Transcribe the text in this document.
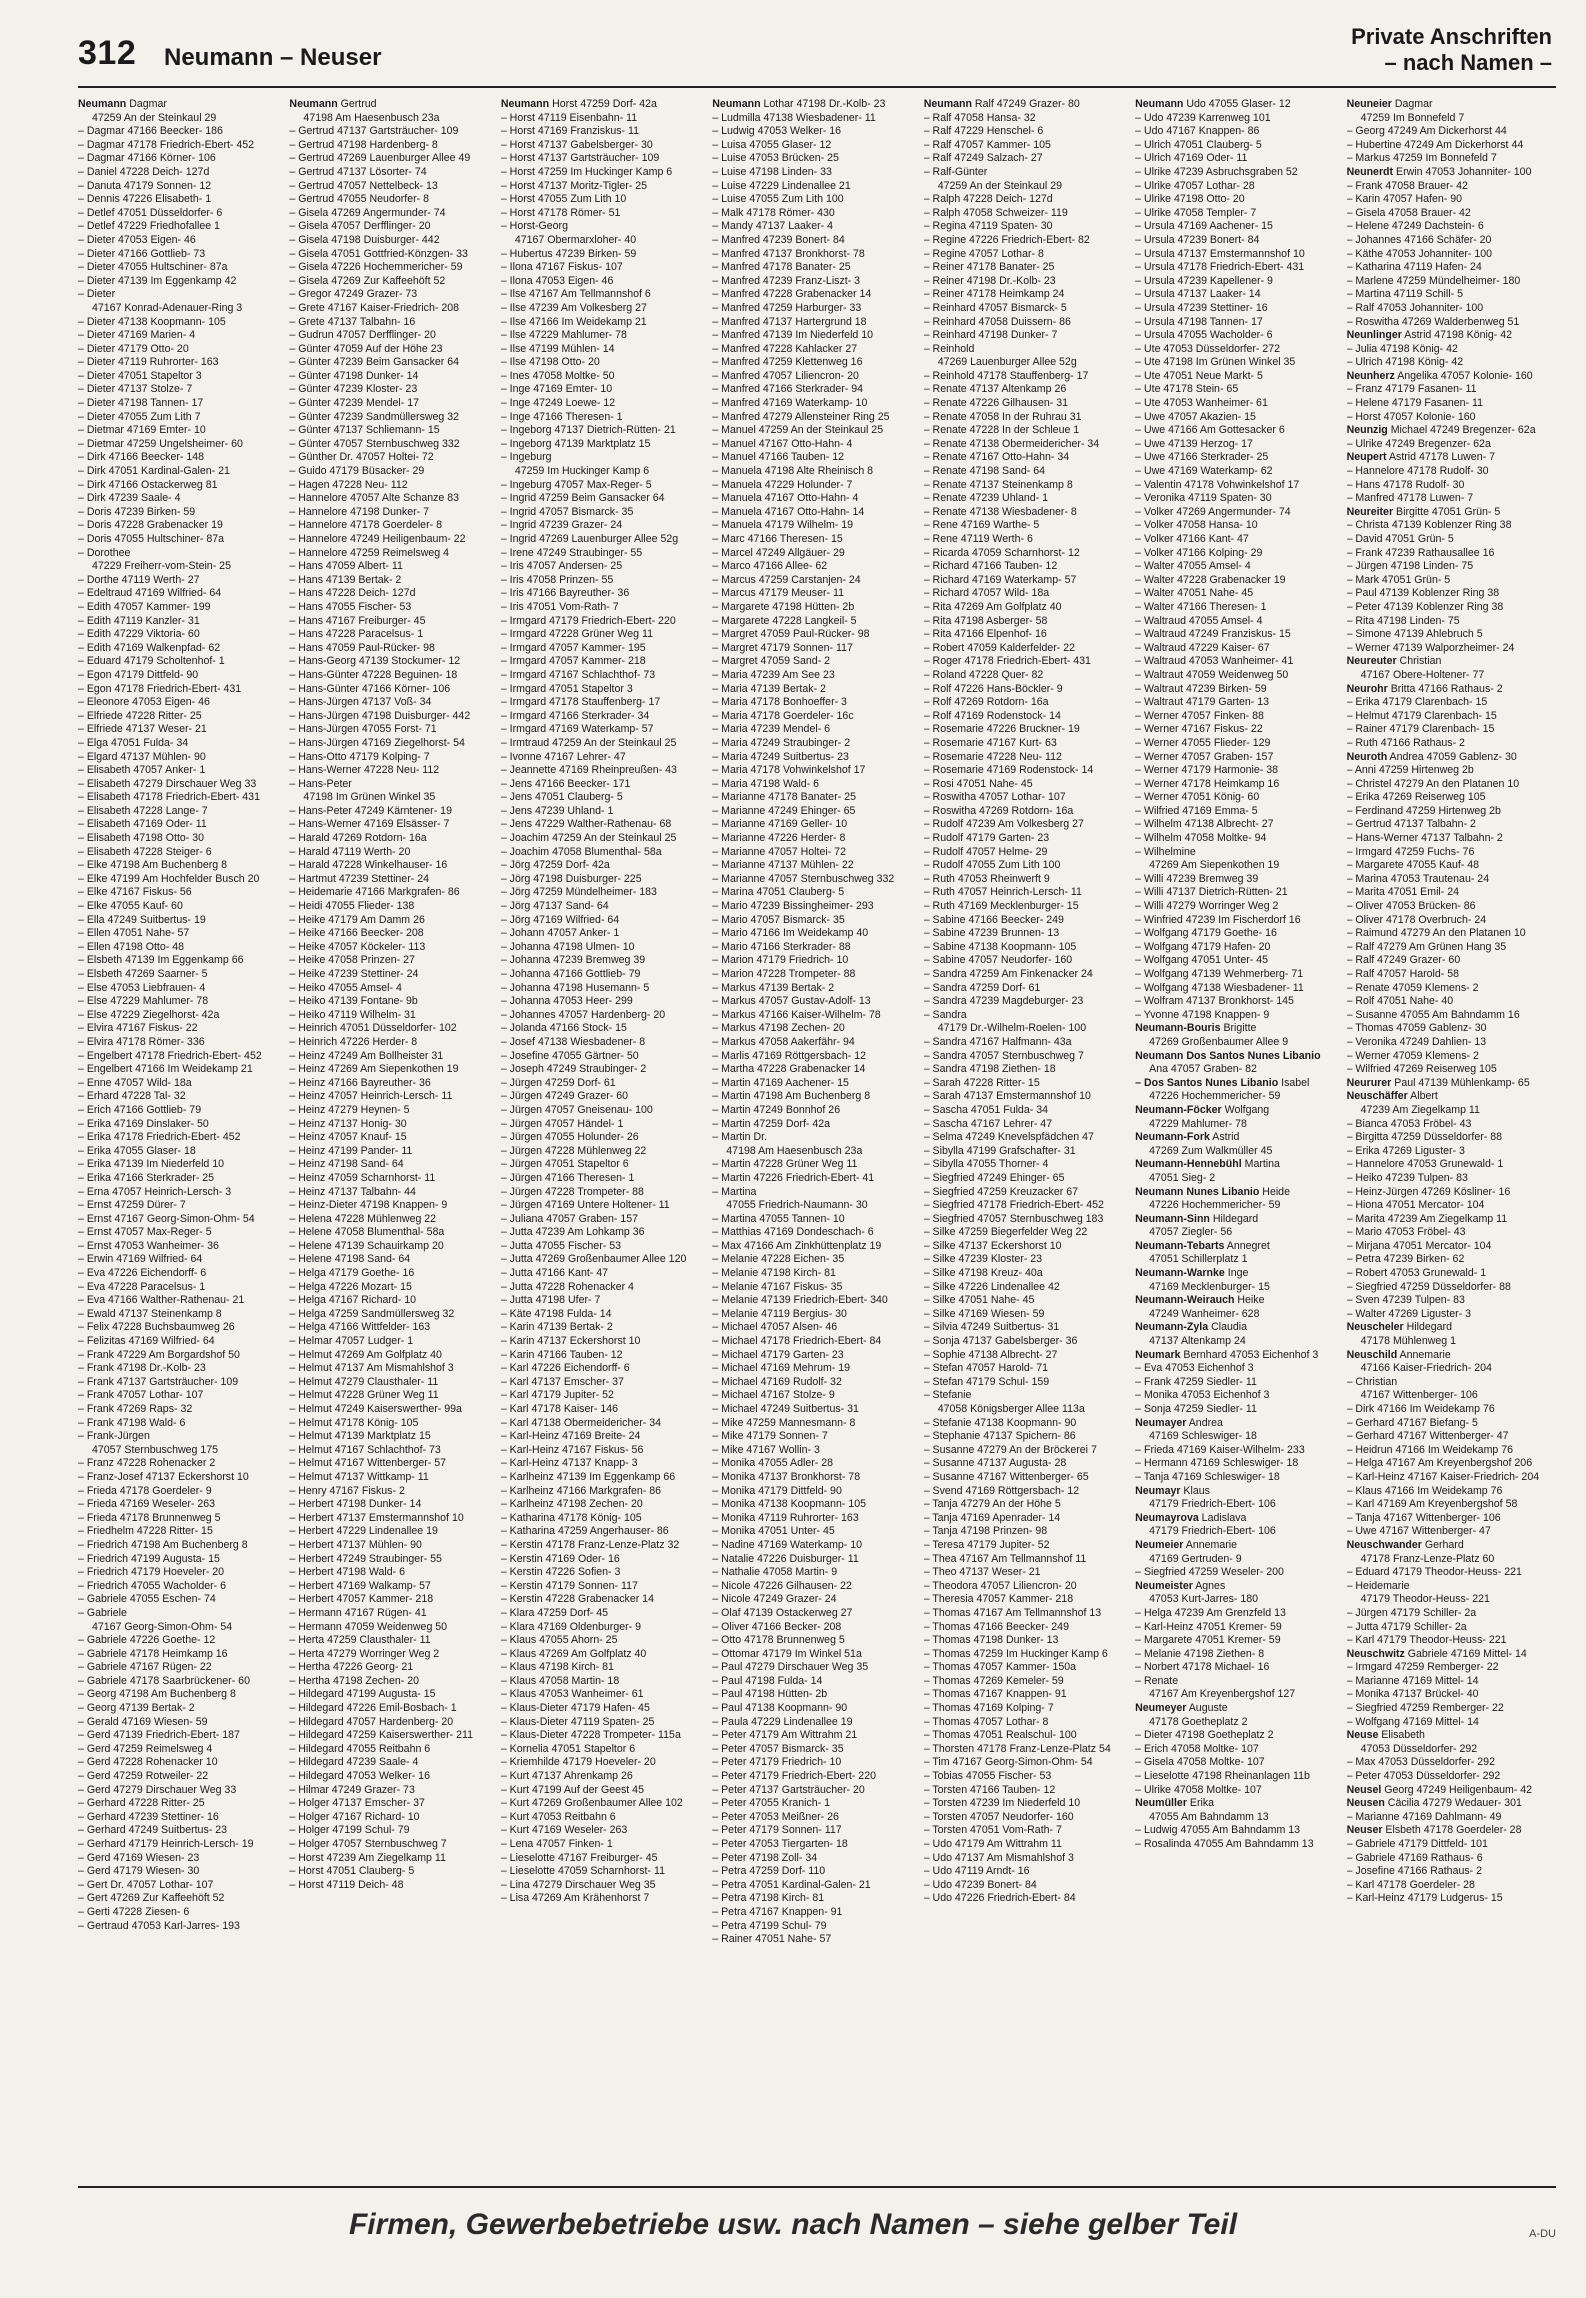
312 Neumann – Neuser
Private Anschriften
– nach Namen –
Neumann Dagmar
47259 An der Steinkaul 29
– Dagmar 47166 Beecker- 186
– Dagmar 47178 Friedrich-Ebert- 452
– Dagmar 47166 Körner- 106
– Daniel 47228 Deich- 127d
– Danuta 47179 Sonnen- 12
– Dennis 47226 Elisabeth- 1
– Detlef 47051 Düsseldorfer- 6
– Detlef 47229 Friedhofallee 1
– Dieter 47053 Eigen- 46
– Dieter 47166 Gottlieb- 73
– Dieter 47055 Hultschiner- 87a
– Dieter 47139 Im Eggenkamp 42
– Dieter
47167 Konrad-Adenauer-Ring 3
– Dieter 47138 Koopmann- 105
– Dieter 47169 Marien- 4
– Dieter 47179 Otto- 20
– Dieter 47119 Ruhrorter- 163
– Dieter 47051 Stapeltor 3
– Dieter 47137 Stolze- 7
– Dieter 47198 Tannen- 17
– Dieter 47055 Zum Lith 7
– Dietmar 47169 Emter- 10
– Dietmar 47259 Ungelsheimer- 60
– Dirk 47166 Beecker- 148
– Dirk 47051 Kardinal-Galen- 21
– Dirk 47166 Ostackerweg 81
– Dirk 47239 Saale- 4
– Doris 47239 Birken- 59
– Doris 47228 Grabenacker 19
– Doris 47055 Hultschiner- 87a
– Dorothee
47229 Freiherr-vom-Stein- 25
– Dorthe 47119 Werth- 27
– Edeltraud 47169 Wilfried- 64
– Edith 47057 Kammer- 199
– Edith 47119 Kanzler- 31
– Edith 47229 Viktoria- 60
– Edith 47169 Walkenpfad- 62
– Eduard 47179 Scholtenhof- 1
– Egon 47179 Dittfeld- 90
– Egon 47178 Friedrich-Ebert- 431
– Eleonore 47053 Eigen- 46
– Elfriede 47228 Ritter- 25
– Elfriede 47137 Weser- 21
– Elga 47051 Fulda- 34
– Elgard 47137 Mühlen- 90
– Elisabeth 47057 Anker- 1
– Elisabeth 47279 Dirschauer Weg 33
– Elisabeth 47178 Friedrich-Ebert- 431
– Elisabeth 47228 Lange- 7
– Elisabeth 47169 Oder- 11
– Elisabeth 47198 Otto- 30
– Elisabeth 47228 Steiger- 6
– Elke 47198 Am Buchenberg 8
– Elke 47199 Am Hochfelder Busch 20
– Elke 47167 Fiskus- 56
– Elke 47055 Kauf- 60
– Ella 47249 Suitbertus- 19
– Ellen 47051 Nahe- 57
– Ellen 47198 Otto- 48
– Elsbeth 47139 Im Eggenkamp 66
– Elsbeth 47269 Saarner- 5
– Else 47053 Liebfrauen- 4
– Else 47229 Mahlumer- 78
– Else 47229 Ziegelhorst- 42a
– Elvira 47167 Fiskus- 22
– Elvira 47178 Römer- 336
– Engelbert 47178 Friedrich-Ebert- 452
– Engelbert 47166 Im Weidekamp 21
– Enne 47057 Wild- 18a
– Erhard 47228 Tal- 32
– Erich 47166 Gottlieb- 79
– Erika 47169 Dinslaker- 50
– Erika 47178 Friedrich-Ebert- 452
– Erika 47055 Glaser- 18
– Erika 47139 Im Niederfeld 10
– Erika 47166 Sterkrader- 25
– Erna 47057 Heinrich-Lersch- 3
– Ernst 47259 Dürer- 7
– Ernst 47167 Georg-Simon-Ohm- 54
– Ernst 47057 Max-Reger- 5
– Ernst 47053 Wanheimer- 36
– Erwin 47169 Wilfried- 64
– Eva 47226 Eichendorff- 6
– Eva 47228 Paracelsus- 1
– Eva 47166 Walther-Rathenau- 21
– Ewald 47137 Steinenkamp 8
– Felix 47228 Buchsbaumweg 26
– Felizitas 47169 Wilfried- 64
– Frank 47229 Am Borgardshof 50
– Frank 47198 Dr.-Kolb- 23
– Frank 47137 Gartsträucher- 109
– Frank 47057 Lothar- 107
– Frank 47269 Raps- 32
– Frank 47198 Wald- 6
– Frank-Jürgen
47057 Sternbuschweg 175
– Franz 47228 Rohenacker 2
– Franz-Josef 47137 Eckershorst 10
– Frieda 47178 Goerdeler- 9
– Frieda 47169 Weseler- 263
– Frieda 47178 Brunnenweg 5
– Friedhelm 47228 Ritter- 15
– Friedrich 47198 Am Buchenberg 8
– Friedrich 47199 Augusta- 15
– Friedrich 47179 Hoeveler- 20
– Friedrich 47055 Wacholder- 6
– Gabriele 47055 Eschen- 74
– Gabriele
47167 Georg-Simon-Ohm- 54
– Gabriele 47226 Goethe- 12
– Gabriele 47178 Heimkamp 16
– Gabriele 47167 Rügen- 22
– Gabriele 47178 Saarbrückener- 60
– Georg 47198 Am Buchenberg 8
– Georg 47139 Bertak- 2
– Gerald 47169 Wiesen- 59
– Gerd 47139 Friedrich-Ebert- 187
– Gerd 47259 Reimelsweg 4
– Gerd 47228 Rohenacker 10
– Gerd 47259 Rotweiler- 22
– Gerd 47279 Dirschauer Weg 33
– Gerhard 47228 Ritter- 25
– Gerhard 47239 Stettiner- 16
– Gerhard 47249 Suitbertus- 23
– Gerhard 47179 Heinrich-Lersch- 19
– Gerd 47169 Wiesen- 23
– Gerd 47179 Wiesen- 30
– Gert Dr. 47057 Lothar- 107
– Gert 47269 Zur Kaffeehöft 52
– Gerti 47228 Ziesen- 6
– Gertraud 47053 Karl-Jarres- 193
Neumann Gertrud
47198 Am Haesenbusch 23a
– Gertrud 47137 Gartsträucher- 109
– Gertrud 47198 Hardenberg- 8
– Gertrud 47269 Lauenburger Allee 49
– Gertrud 47137 Lösorter- 74
– Gertrud 47057 Nettelbeck- 13
– Gertrud 47055 Neudorfer- 8
– Gisela 47269 Angermunder- 74
– Gisela 47057 Derfflinger- 20
– Gisela 47198 Duisburger- 442
– Gisela 47051 Gottfried-Könzgen- 33
– Gisela 47226 Hochemmericher- 59
– Gisela 47269 Zur Kaffeehöft 52
– Gregor 47249 Grazer- 73
– Grete 47167 Kaiser-Friedrich- 208
– Grete 47137 Talbahn- 16
– Gudrun 47057 Derfflinger- 20
– Günter 47059 Auf der Höhe 23
– Günter 47239 Beim Gansacker 64
– Günter 47198 Dunker- 14
– Günter 47239 Kloster- 23
– Günter 47239 Mendel- 17
– Günter 47239 Sandmüllersweg 32
– Günter 47137 Schliemann- 15
– Günter 47057 Sternbuschweg 332
– Günther Dr. 47057 Holtei- 72
– Guido 47179 Büsacker- 29
– Hagen 47228 Neu- 112
– Hannelore 47057 Alte Schanze 83
– Hannelore 47198 Dunker- 7
– Hannelore 47178 Goerdeler- 8
– Hannelore 47249 Heiligenbaum- 22
– Hannelore 47259 Reimelsweg 4
– Hans 47059 Albert- 11
– Hans 47139 Bertak- 2
– Hans 47228 Deich- 127d
– Hans 47055 Fischer- 53
– Hans 47167 Freiburger- 45
– Hans 47228 Paracelsus- 1
– Hans 47059 Paul-Rücker- 98
– Hans-Georg 47139 Stockumer- 12
– Hans-Günter 47228 Beguinen- 18
– Hans-Günter 47166 Körner- 106
– Hans-Jürgen 47137 Voß- 34
– Hans-Jürgen 47198 Duisburger- 442
– Hans-Jürgen 47055 Forst- 71
– Hans-Jürgen 47169 Ziegelhorst- 54
– Hans-Otto 47179 Kolping- 7
– Hans-Werner 47228 Neu- 112
– Hans-Peter
47198 Im Grünen Winkel 35
– Hans-Peter 47249 Kärntener- 19
– Hans-Werner 47169 Elsässer- 7
– Harald 47269 Rotdorn- 16a
– Harald 47119 Werth- 20
– Harald 47228 Winkelhauser- 16
– Hartmut 47239 Stettiner- 24
– Heidemarie 47166 Markgrafen- 86
– Heidi 47055 Flieder- 138
– Heike 47179 Am Damm 26
– Heike 47166 Beecker- 208
– Heike 47057 Köckeler- 113
– Heike 47058 Prinzen- 27
– Heike 47239 Stettiner- 24
– Heiko 47055 Amsel- 4
– Heiko 47139 Fontane- 9b
– Heiko 47119 Wilhelm- 31
– Heinrich 47051 Düsseldorfer- 102
– Heinrich 47226 Herder- 8
– Heinz 47249 Am Bollheister 31
– Heinz 47269 Am Siepenkothen 19
– Heinz 47166 Bayreuther- 36
– Heinz 47057 Heinrich-Lersch- 11
– Heinz 47279 Heynen- 5
– Heinz 47137 Honig- 30
– Heinz 47057 Knauf- 15
– Heinz 47199 Pander- 11
– Heinz 47198 Sand- 64
– Heinz 47059 Scharnhorst- 11
– Heinz 47137 Talbahn- 44
– Heinz-Dieter 47198 Knappen- 9
– Helena 47228 Mühlenweg 22
– Helene 47058 Blumenthal- 58a
– Helene 47139 Schauirkamp 20
– Helene 47198 Sand- 64
– Helga 47179 Goethe- 16
– Helga 47226 Mozart- 15
– Helga 47167 Richard- 10
– Helga 47259 Sandmüllersweg 32
– Helga 47166 Wittfelder- 163
– Helmar 47057 Ludger- 1
– Helmut 47269 Am Golfplatz 40
– Helmut 47137 Am Mismahlshof 3
– Helmut 47279 Clausthaler- 11
– Helmut 47228 Grüner Weg 11
– Helmut 47249 Kaiserswerther- 99a
– Helmut 47178 König- 105
– Helmut 47139 Marktplatz 15
– Helmut 47167 Schlachthof- 73
– Helmut 47167 Wittenberger- 57
– Helmut 47137 Wittkamp- 11
– Henry 47167 Fiskus- 2
– Herbert 47198 Dunker- 14
– Herbert 47137 Emstermannshof 10
– Herbert 47229 Lindenallee 19
– Herbert 47137 Mühlen- 90
– Herbert 47249 Straubinger- 55
– Herbert 47198 Wald- 6
– Herbert 47169 Walkamp- 57
– Herbert 47057 Kammer- 218
– Hermann 47167 Rügen- 41
– Hermann 47059 Weidenweg 50
– Herta 47259 Clausthaler- 11
– Herta 47279 Worringer Weg 2
– Hertha 47226 Georg- 21
– Hertha 47198 Zechen- 20
– Hildegard 47199 Augusta- 15
– Hildegard 47226 Emil-Bosbach- 1
– Hildegard 47057 Hardenberg- 20
– Hildegard 47259 Kaiserswerther- 211
– Hildegard 47055 Reitbahn 6
– Hildegard 47239 Saale- 4
– Hildegard 47053 Welker- 16
– Hilmar 47249 Grazer- 73
– Holger 47137 Emscher- 37
– Holger 47167 Richard- 10
– Holger 47199 Schul- 79
– Holger 47057 Sternbuschweg 7
– Horst 47239 Am Ziegelkamp 11
– Horst 47051 Clauberg- 5
– Horst 47119 Deich- 48
Neumann Horst 47259 Dorf- 42a
– Horst 47119 Eisenbahn- 11
– Horst 47169 Franziskus- 11
– Horst 47137 Gabelsberger- 30
– Horst 47137 Gartsträucher- 109
– Horst 47259 Im Huckinger Kamp 6
– Horst 47137 Moritz-Tigler- 25
– Horst 47055 Zum Lith 10
– Horst 47178 Römer- 51
– Horst-Georg
47167 Obermarxloher- 40
– Hubertus 47239 Birken- 59
– Ilona 47167 Fiskus- 107
– Ilona 47053 Eigen- 46
– Ilse 47167 Am Tellmannshof 6
– Ilse 47239 Am Volkesberg 27
– Ilse 47166 Im Weidekamp 21
– Ilse 47229 Mahlumer- 78
– Ilse 47199 Mühlen- 14
– Ilse 47198 Otto- 20
– Ines 47058 Moltke- 50
– Inge 47169 Emter- 10
– Inge 47249 Loewe- 12
– Inge 47166 Theresen- 1
– Ingeborg 47137 Dietrich-Rütten- 21
– Ingeborg 47139 Marktplatz 15
– Ingeburg
47259 Im Huckinger Kamp 6
– Ingeburg 47057 Max-Reger- 5
– Ingrid 47259 Beim Gansacker 64
– Ingrid 47057 Bismarck- 35
– Ingrid 47239 Grazer- 24
– Ingrid 47269 Lauenburger Allee 52g
– Irene 47249 Straubinger- 55
– Iris 47057 Andersen- 25
– Iris 47058 Prinzen- 55
– Iris 47166 Bayreuther- 36
– Iris 47051 Vom-Rath- 7
– Irmgard 47179 Friedrich-Ebert- 220
– Irmgard 47228 Grüner Weg 11
– Irmgard 47057 Kammer- 195
– Irmgard 47057 Kammer- 218
– Irmgard 47167 Schlachthof- 73
– Irmgard 47051 Stapeltor 3
– Irmgard 47178 Stauffenberg- 17
– Irmgard 47166 Sterkrader- 34
– Irmgard 47169 Waterkamp- 57
– Irmtraud 47259 An der Steinkaul 25
– Ivonne 47167 Lehrer- 47
– Jeannette 47169 Rheinpreußen- 43
– Jens 47166 Beecker- 171
– Jens 47051 Clauberg- 5
– Jens 47239 Uhland- 1
– Jens 47229 Walther-Rathenau- 68
– Joachim 47259 An der Steinkaul 25
– Joachim 47058 Blumenthal- 58a
– Jörg 47259 Dorf- 42a
– Jörg 47198 Duisburger- 225
– Jörg 47259 Mündelheimer- 183
– Jörg 47137 Sand- 64
– Jörg 47169 Wilfried- 64
– Johann 47057 Anker- 1
– Johanna 47198 Ulmen- 10
– Johanna 47239 Bremweg 39
– Johanna 47166 Gottlieb- 79
– Johanna 47198 Husemann- 5
– Johanna 47053 Heer- 299
– Johannes 47057 Hardenberg- 20
– Jolanda 47166 Stock- 15
– Josef 47138 Wiesbadener- 8
– Josefine 47055 Gärtner- 50
– Joseph 47249 Straubinger- 2
– Jürgen 47259 Dorf- 61
– Jürgen 47249 Grazer- 60
– Jürgen 47057 Gneisenau- 100
– Jürgen 47057 Händel- 1
– Jürgen 47055 Holunder- 26
– Jürgen 47228 Mühlenweg 22
– Jürgen 47051 Stapeltor 6
– Jürgen 47166 Theresen- 1
– Jürgen 47228 Trompeter- 88
– Jürgen 47169 Untere Holtener- 11
– Juliana 47057 Graben- 157
– Jutta 47239 Am Lohkamp 36
– Jutta 47055 Fischer- 53
– Jutta 47269 Großenbaumer Allee 120
– Jutta 47166 Kant- 47
– Jutta 47228 Rohenacker 4
– Jutta 47198 Ufer- 7
– Käte 47198 Fulda- 14
– Karin 47139 Bertak- 2
– Karin 47137 Eckershorst 10
– Karin 47166 Tauben- 12
– Karl 47226 Eichendorff- 6
– Karl 47137 Emscher- 37
– Karl 47179 Jupiter- 52
– Karl 47178 Kaiser- 146
– Karl 47138 Obermeidericher- 34
– Karl-Heinz 47169 Breite- 24
– Karl-Heinz 47167 Fiskus- 56
– Karl-Heinz 47137 Knapp- 3
– Karlheinz 47139 Im Eggenkamp 66
– Karlheinz 47166 Markgrafen- 86
– Karlheinz 47198 Zechen- 20
– Katharina 47178 König- 105
– Katharina 47259 Angerhauser- 86
– Kerstin 47178 Franz-Lenze-Platz 32
– Kerstin 47169 Oder- 16
– Kerstin 47226 Sofien- 3
– Kerstin 47179 Sonnen- 117
– Kerstin 47228 Grabenacker 14
– Klara 47259 Dorf- 45
– Klara 47169 Oldenburger- 9
– Klaus 47055 Ahorn- 25
– Klaus 47269 Am Golfplatz 40
– Klaus 47198 Kirch- 81
– Klaus 47058 Martin- 18
– Klaus 47053 Wanheimer- 61
– Klaus-Dieter 47179 Hafen- 45
– Klaus-Dieter 47119 Spaten- 25
– Klaus-Dieter 47228 Trompeter- 115a
– Kornelia 47051 Stapeltor 6
– Kriemhilde 47179 Hoeveler- 20
– Kurt 47137 Ahrenkamp 26
– Kurt 47199 Auf der Geest 45
– Kurt 47269 Großenbaumer Allee 102
– Kurt 47053 Reitbahn 6
– Kurt 47169 Weseler- 263
– Lena 47057 Finken- 1
– Lieselotte 47167 Freiburger- 45
– Lieselotte 47059 Scharnhorst- 11
– Lina 47279 Dirschauer Weg 35
– Lisa 47269 Am Krähenhorst 7
Neumann Lothar 47198 Dr.-Kolb- 23
– Ludmilla 47138 Wiesbadener- 11
– Ludwig 47053 Welker- 16
– Luisa 47055 Glaser- 12
– Luise 47053 Brücken- 25
– Luise 47198 Linden- 33
– Luise 47229 Lindenallee 21
– Luise 47055 Zum Lith 100
– Malk 47178 Römer- 430
– Mandy 47137 Laaker- 4
– Manfred 47239 Bonert- 84
– Manfred 47137 Bronkhorst- 78
– Manfred 47178 Banater- 25
– Manfred 47239 Franz-Liszt- 3
– Manfred 47228 Grabenacker 14
– Manfred 47259 Harburger- 33
– Manfred 47137 Hartergrund 18
– Manfred 47139 Im Niederfeld 10
– Manfred 47228 Kahlacker 27
– Manfred 47259 Klettenweg 16
– Manfred 47057 Liliencron- 20
– Manfred 47166 Sterkrader- 94
– Manfred 47169 Waterkamp- 10
– Manfred 47279 Allensteiner Ring 25
– Manuel 47259 An der Steinkaul 25
– Manuel 47167 Otto-Hahn- 4
– Manuel 47166 Tauben- 12
– Manuela 47198 Alte Rheinisch 8
– Manuela 47229 Holunder- 7
– Manuela 47167 Otto-Hahn- 4
– Manuela 47167 Otto-Hahn- 14
– Manuela 47179 Wilhelm- 19
– Marc 47166 Theresen- 15
– Marcel 47249 Allgäuer- 29
– Marco 47166 Allee- 62
– Marcus 47259 Carstanjen- 24
– Marcus 47179 Meuser- 11
– Margarete 47198 Hütten- 2b
– Margarete 47228 Langkeil- 5
– Margret 47059 Paul-Rücker- 98
– Margret 47179 Sonnen- 117
– Margret 47059 Sand- 2
– Maria 47239 Am See 23
– Maria 47139 Bertak- 2
– Maria 47178 Bonhoeffer- 3
– Maria 47178 Goerdeler- 16c
– Maria 47239 Mendel- 6
– Maria 47249 Straubinger- 2
– Maria 47249 Suitbertus- 23
– Maria 47178 Vohwinkelshof 17
– Maria 47198 Wald- 6
– Marianne 47178 Banater- 25
– Marianne 47249 Ehinger- 65
– Marianne 47169 Geller- 10
– Marianne 47226 Herder- 8
– Marianne 47057 Holtei- 72
– Marianne 47137 Mühlen- 22
– Marianne 47057 Sternbuschweg 332
– Marina 47051 Clauberg- 5
– Mario 47239 Bissingheimer- 293
– Mario 47057 Bismarck- 35
– Mario 47166 Im Weidekamp 40
– Mario 47166 Sterkrader- 88
– Marion 47179 Friedrich- 10
– Marion 47228 Trompeter- 88
– Markus 47139 Bertak- 2
– Markus 47057 Gustav-Adolf- 13
– Markus 47166 Kaiser-Wilhelm- 78
– Markus 47198 Zechen- 20
– Markus 47058 Aakerfähr- 94
– Marlis 47169 Röttgersbach- 12
– Martha 47228 Grabenacker 14
– Martin 47169 Aachener- 15
– Martin 47198 Am Buchenberg 8
– Martin 47249 Bonnhof 26
– Martin 47259 Dorf- 42a
– Martin Dr.
47198 Am Haesenbusch 23a
– Martin 47228 Grüner Weg 11
– Martin 47226 Friedrich-Ebert- 41
– Martina
47055 Friedrich-Naumann- 30
– Martina 47055 Tannen- 10
– Matthias 47169 Dondeschach- 6
– Max 47166 Am Zinkhüttenplatz 19
– Melanie 47228 Eichen- 35
– Melanie 47198 Kirch- 81
– Melanie 47167 Fiskus- 35
– Melanie 47139 Friedrich-Ebert- 340
– Melanie 47119 Bergius- 30
– Michael 47057 Alsen- 46
– Michael 47178 Friedrich-Ebert- 84
– Michael 47179 Garten- 23
– Michael 47169 Mehrum- 19
– Michael 47169 Rudolf- 32
– Michael 47167 Stolze- 9
– Michael 47249 Suitbertus- 31
– Mike 47259 Mannesmann- 8
– Mike 47179 Sonnen- 7
– Mike 47167 Wollin- 3
– Monika 47055 Adler- 28
– Monika 47137 Bronkhorst- 78
– Monika 47179 Dittfeld- 90
– Monika 47138 Koopmann- 105
– Monika 47119 Ruhrorter- 163
– Monika 47051 Unter- 45
– Nadine 47169 Waterkamp- 10
– Natalie 47226 Duisburger- 11
– Nathalie 47058 Martin- 9
– Nicole 47226 Gilhausen- 22
– Nicole 47249 Grazer- 24
– Olaf 47139 Ostackerweg 27
– Oliver 47166 Becker- 208
– Otto 47178 Brunnenweg 5
– Ottomar 47179 Im Winkel 51a
– Paul 47279 Dirschauer Weg 35
– Paul 47198 Fulda- 14
– Paul 47198 Hütten- 2b
– Paul 47138 Koopmann- 90
– Paula 47229 Lindenallee 19
– Peter 47179 Am Wittrahm 21
– Peter 47057 Bismarck- 35
– Peter 47179 Friedrich- 10
– Peter 47179 Friedrich-Ebert- 220
– Peter 47137 Gartsträucher- 20
– Peter 47055 Kranich- 1
– Peter 47053 Meißner- 26
– Peter 47179 Sonnen- 117
– Peter 47053 Tiergarten- 18
– Peter 47198 Zoll- 34
– Petra 47259 Dorf- 110
– Petra 47051 Kardinal-Galen- 21
– Petra 47198 Kirch- 81
– Petra 47167 Knappen- 91
– Petra 47199 Schul- 79
– Rainer 47051 Nahe- 57
Neumann Ralf 47249 Grazer- 80
– Ralf 47058 Hansa- 32
– Ralf 47229 Henschel- 6
– Ralf 47057 Kammer- 105
– Ralf 47249 Salzach- 27
– Ralf-Günter
47259 An der Steinkaul 29
– Ralph 47228 Deich- 127d
– Ralph 47058 Schweizer- 119
– Regina 47119 Spaten- 30
– Regine 47226 Friedrich-Ebert- 82
– Regine 47057 Lothar- 8
– Reiner 47178 Banater- 25
– Reiner 47198 Dr.-Kolb- 23
– Reiner 47178 Heimkamp 24
– Reinhard 47057 Bismarck- 5
– Reinhard 47058 Duissern- 86
– Reinhard 47198 Dunker- 7
– Reinhold
47269 Lauenburger Allee 52g
– Reinhold 47178 Stauffenberg- 17
– Renate 47137 Altenkamp 26
– Renate 47226 Gilhausen- 31
– Renate 47058 In der Ruhrau 31
– Renate 47228 In der Schleue 1
– Renate 47138 Obermeidericher- 34
– Renate 47167 Otto-Hahn- 34
– Renate 47198 Sand- 64
– Renate 47137 Steinenkamp 8
– Renate 47239 Uhland- 1
– Renate 47138 Wiesbadener- 8
– Rene 47169 Warthe- 5
– Rene 47119 Werth- 6
– Ricarda 47059 Scharnhorst- 12
– Richard 47166 Tauben- 12
– Richard 47169 Waterkamp- 57
– Richard 47057 Wild- 18a
– Rita 47269 Am Golfplatz 40
– Rita 47198 Asberger- 58
– Rita 47166 Elpenhof- 16
– Robert 47059 Kalderfelder- 22
– Roger 47178 Friedrich-Ebert- 431
– Roland 47228 Quer- 82
– Rolf 47226 Hans-Böckler- 9
– Rolf 47269 Rotdorn- 16a
– Rolf 47169 Rodenstock- 14
– Rosemarie 47226 Bruckner- 19
– Rosemarie 47167 Kurt- 63
– Rosemarie 47228 Neu- 112
– Rosemarie 47169 Rodenstock- 14
– Rosi 47051 Nahe- 45
– Roswitha 47057 Lothar- 107
– Roswitha 47269 Rotdorn- 16a
– Rudolf 47239 Am Volkesberg 27
– Rudolf 47179 Garten- 23
– Rudolf 47057 Helme- 29
– Rudolf 47055 Zum Lith 100
– Ruth 47053 Rheinwerft 9
– Ruth 47057 Heinrich-Lersch- 11
– Ruth 47169 Mecklenburger- 15
– Sabine 47166 Beecker- 249
– Sabine 47239 Brunnen- 13
– Sabine 47138 Koopmann- 105
– Sabine 47057 Neudorfer- 160
– Sandra 47259 Am Finkenacker 24
– Sandra 47259 Dorf- 61
– Sandra 47239 Magdeburger- 23
– Sandra
47179 Dr.-Wilhelm-Roelen- 100
– Sandra 47167 Halfmann- 43a
– Sandra 47057 Sternbuschweg 7
– Sandra 47198 Ziethen- 18
– Sarah 47228 Ritter- 15
– Sarah 47137 Emstermannshof 10
– Sascha 47051 Fulda- 34
– Sascha 47167 Lehrer- 47
– Selma 47249 Knevelspfädchen 47
– Sibylla 47199 Grafschafter- 31
– Sibylla 47055 Thorner- 4
– Siegfried 47249 Ehinger- 65
– Siegfried 47259 Kreuzacker 67
– Siegfried 47178 Friedrich-Ebert- 452
– Siegfried 47057 Sternbuschweg 183
– Silke 47259 Biegerfelder Weg 22
– Silke 47137 Eckershorst 10
– Silke 47239 Kloster- 23
– Silke 47198 Kreuz- 40a
– Silke 47226 Lindenallee 42
– Silke 47051 Nahe- 45
– Silke 47169 Wiesen- 59
– Silvia 47249 Suitbertus- 31
– Sonja 47137 Gabelsberger- 36
– Sophie 47138 Albrecht- 27
– Stefan 47057 Harold- 71
– Stefan 47179 Schul- 159
– Stefanie
47058 Königsberger Allee 113a
– Stefanie 47138 Koopmann- 90
– Stephanie 47137 Spichern- 86
– Susanne 47279 An der Bröckerei 7
– Susanne 47137 Augusta- 28
– Susanne 47167 Wittenberger- 65
– Svend 47169 Röttgersbach- 12
– Tanja 47279 An der Höhe 5
– Tanja 47169 Apenrader- 14
– Tanja 47198 Prinzen- 98
– Teresa 47179 Jupiter- 52
– Thea 47167 Am Tellmannshof 11
– Theo 47137 Weser- 21
– Theodora 47057 Liliencron- 20
– Theresia 47057 Kammer- 218
– Thomas 47167 Am Tellmannshof 13
– Thomas 47166 Beecker- 249
– Thomas 47198 Dunker- 13
– Thomas 47259 Im Huckinger Kamp 6
– Thomas 47057 Kammer- 150a
– Thomas 47269 Kemeler- 59
– Thomas 47167 Knappen- 91
– Thomas 47169 Kolping- 7
– Thomas 47057 Lothar- 8
– Thomas 47051 Realschul- 100
– Thorsten 47178 Franz-Lenze-Platz 54
– Tim 47167 Georg-Simon-Ohm- 54
– Tobias 47055 Fischer- 53
– Torsten 47166 Tauben- 12
– Torsten 47239 Im Niederfeld 10
– Torsten 47057 Neudorfer- 160
– Torsten 47051 Vom-Rath- 7
– Udo 47179 Am Wittrahm 11
– Udo 47137 Am Mismahlshof 3
– Udo 47119 Arndt- 16
– Udo 47239 Bonert- 84
– Udo 47226 Friedrich-Ebert- 84
Neumann Udo 47055 Glaser- 12
– Udo 47239 Karrenweg 101
– Udo 47167 Knappen- 86
– Ulrich 47051 Clauberg- 5
– Ulrich 47169 Oder- 11
– Ulrike 47239 Asbruchsgraben 52
– Ulrike 47057 Lothar- 28
– Ulrike 47198 Otto- 20
– Ulrike 47058 Templer- 7
– Ursula 47169 Aachener- 15
– Ursula 47239 Bonert- 84
– Ursula 47137 Emstermannshof 10
– Ursula 47178 Friedrich-Ebert- 431
– Ursula 47239 Kapellener- 9
– Ursula 47137 Laaker- 14
– Ursula 47239 Stettiner- 16
– Ursula 47198 Tannen- 17
– Ursula 47055 Wacholder- 6
– Ute 47053 Düsseldorfer- 272
– Ute 47198 Im Grünen Winkel 35
– Ute 47051 Neue Markt- 5
– Ute 47178 Stein- 65
– Ute 47053 Wanheimer- 61
– Uwe 47057 Akazien- 15
– Uwe 47166 Am Gottesacker 6
– Uwe 47139 Herzog- 17
– Uwe 47166 Sterkrader- 25
– Uwe 47169 Waterkamp- 62
– Valentin 47178 Vohwinkelshof 17
– Veronika 47119 Spaten- 30
– Volker 47269 Angermunder- 74
– Volker 47058 Hansa- 10
– Volker 47166 Kant- 47
– Volker 47166 Kolping- 29
– Walter 47055 Amsel- 4
– Walter 47228 Grabenacker 19
– Walter 47051 Nahe- 45
– Walter 47166 Theresen- 1
– Waltraud 47055 Amsel- 4
– Waltraud 47249 Franziskus- 15
– Waltraud 47229 Kaiser- 67
– Waltraud 47053 Wanheimer- 41
– Waltraut 47059 Weidenweg 50
– Waltraut 47239 Birken- 59
– Waltraut 47179 Garten- 13
– Werner 47057 Finken- 88
– Werner 47167 Fiskus- 22
– Werner 47055 Flieder- 129
– Werner 47057 Graben- 157
– Werner 47179 Harmonie- 38
– Werner 47178 Heimkamp 16
– Werner 47051 König- 60
– Wilfried 47169 Emma- 5
– Wilhelm 47138 Albrecht- 27
– Wilhelm 47058 Moltke- 94
– Wilhelmine
47269 Am Siepenkothen 19
– Willi 47239 Bremweg 39
– Willi 47137 Dietrich-Rütten- 21
– Willi 47279 Worringer Weg 2
– Winfried 47239 Im Fischerdorf 16
– Wolfgang 47179 Goethe- 16
– Wolfgang 47179 Hafen- 20
– Wolfgang 47051 Unter- 45
– Wolfgang 47139 Wehmerberg- 71
– Wolfgang 47138 Wiesbadener- 11
– Wolfram 47137 Bronkhorst- 145
– Yvonne 47198 Knappen- 9
Neumann-Bouris Brigitte
47269 Großenbaumer Allee 9
Neumann Dos Santos Nunes Libanio
Ana 47057 Graben- 82
– Dos Santos Nunes Libanio Isabel
47226 Hochemmericher- 59
Neumann-Föcker Wolfgang
47229 Mahlumer- 78
Neumann-Fork Astrid
47269 Zum Walkmüller 45
Neumann-Hennebühl Martina
47051 Sieg- 2
Neumann Nunes Libanio Heide
47226 Hochemmericher- 59
Neumann-Sinn Hildegard
47057 Ziegler- 56
Neumann-Tebarts Annegret
47051 Schillerplatz 1
Neumann-Warnke Inge
47169 Mecklenburger- 15
Neumann-Weirauch Heike
47249 Wanheimer- 628
Neumann-Zyla Claudia
47137 Altenkamp 24
Neumark Bernhard 47053 Eichenhof 3
– Eva 47053 Eichenhof 3
– Frank 47259 Siedler- 11
– Monika 47053 Eichenhof 3
– Sonja 47259 Siedler- 11
Neumayer Andrea
47169 Schleswiger- 18
– Frieda 47169 Kaiser-Wilhelm- 233
– Hermann 47169 Schleswiger- 18
– Tanja 47169 Schleswiger- 18
Neumayr Klaus
47179 Friedrich-Ebert- 106
Neumayrova Ladislava
47179 Friedrich-Ebert- 106
Neumeier Annemarie
47169 Gertruden- 9
– Siegfried 47259 Weseler- 200
Neumeister Agnes
47053 Kurt-Jarres- 180
– Helga 47239 Am Grenzfeld 13
– Karl-Heinz 47051 Kremer- 59
– Margarete 47051 Kremer- 59
– Melanie 47198 Ziethen- 8
– Norbert 47178 Michael- 16
– Renate
47167 Am Kreyenbergshof 127
Neumeyer Auguste
47178 Goetheplatz 2
– Dieter 47198 Goetheplatz 2
– Erich 47058 Moltke- 107
– Gisela 47058 Moltke- 107
– Lieselotte 47198 Rheinanlagen 11b
– Ulrike 47058 Moltke- 107
Neumüller Erika
47055 Am Bahndamm 13
– Ludwig 47055 Am Bahndamm 13
– Rosalinda 47055 Am Bahndamm 13
Neuneier Dagmar
47259 Im Bonnefeld 7
– Georg 47249 Am Dickerhorst 44
– Hubertine 47249 Am Dickerhorst 44
– Markus 47259 Im Bonnefeld 7
Neunerdt Erwin 47053 Johanniter- 100
– Frank 47058 Brauer- 42
– Karin 47057 Hafen- 90
– Gisela 47058 Brauer- 42
– Helene 47249 Dachstein- 6
– Johannes 47166 Schäfer- 20
– Käthe 47053 Johanniter- 100
– Katharina 47119 Hafen- 24
– Marlene 47259 Mündelheimer- 180
– Martina 47119 Schill- 5
– Ralf 47053 Johanniter- 100
– Roswitha 47269 Walderbenweg 51
Neunlinger Astrid 47198 König- 42
– Julia 47198 König- 42
– Ulrich 47198 König- 42
Neunherz Angelika 47057 Kolonie- 160
– Franz 47179 Fasanen- 11
– Helene 47179 Fasanen- 11
– Horst 47057 Kolonie- 160
Neunzig Michael 47249 Bregenzer- 62a
– Ulrike 47249 Bregenzer- 62a
Neupert Astrid 47178 Luwen- 7
– Hannelore 47178 Rudolf- 30
– Hans 47178 Rudolf- 30
– Manfred 47178 Luwen- 7
Neureiter Birgitte 47051 Grün- 5
– Christa 47139 Koblenzer Ring 38
– David 47051 Grün- 5
– Frank 47239 Rathausallee 16
– Jürgen 47198 Linden- 75
– Mark 47051 Grün- 5
– Paul 47139 Koblenzer Ring 38
– Peter 47139 Koblenzer Ring 38
– Rita 47198 Linden- 75
– Simone 47139 Ahlebruch 5
– Werner 47139 Walporzheimer- 24
Neureuter Christian
47167 Obere-Holtener- 77
Neurohr Britta 47166 Rathaus- 2
– Erika 47179 Clarenbach- 15
– Helmut 47179 Clarenbach- 15
– Rainer 47179 Clarenbach- 15
– Ruth 47166 Rathaus- 2
Neuroth Andrea 47059 Gablenz- 30
– Anni 47259 Hirtenweg 2b
– Christel 47279 An den Platanen 10
– Erika 47269 Reiserweg 105
– Ferdinand 47259 Hirtenweg 2b
– Gertrud 47137 Talbahn- 2
– Hans-Werner 47137 Talbahn- 2
– Irmgard 47259 Fuchs- 76
– Margarete 47055 Kauf- 48
– Marina 47053 Trautenau- 24
– Marita 47051 Emil- 24
– Oliver 47053 Brücken- 86
– Oliver 47178 Overbruch- 24
– Raimund 47279 An den Platanen 10
– Ralf 47279 Am Grünen Hang 35
– Ralf 47249 Grazer- 60
– Ralf 47057 Harold- 58
– Renate 47059 Klemens- 2
– Rolf 47051 Nahe- 40
– Susanne 47055 Am Bahndamm 16
– Thomas 47059 Gablenz- 30
– Veronika 47249 Dahlien- 13
– Werner 47059 Klemens- 2
– Wilfried 47269 Reiserweg 105
Neururer Paul 47139 Mühlenkamp- 65
Neuschäffer Albert
47239 Am Ziegelkamp 11
– Bianca 47053 Fröbel- 43
– Birgitta 47259 Düsseldorfer- 88
– Erika 47269 Liguster- 3
– Hannelore 47053 Grunewald- 1
– Heiko 47239 Tulpen- 83
– Heinz-Jürgen 47269 Kösliner- 16
– Hiona 47051 Mercator- 104
– Marita 47239 Am Ziegelkamp 11
– Mario 47053 Fröbel- 43
– Mirjana 47051 Mercator- 104
– Petra 47239 Birken- 62
– Robert 47053 Grunewald- 1
– Siegfried 47259 Düsseldorfer- 88
– Sven 47239 Tulpen- 83
– Walter 47269 Liguster- 3
Neuscheler Hildegard
47178 Mühlenweg 1
Neuschild Annemarie
47166 Kaiser-Friedrich- 204
– Christian
47167 Wittenberger- 106
– Dirk 47166 Im Weidekamp 76
– Gerhard 47167 Biefang- 5
– Gerhard 47167 Wittenberger- 47
– Heidrun 47166 Im Weidekamp 76
– Helga 47167 Am Kreyenbergshof 206
– Karl-Heinz 47167 Kaiser-Friedrich- 204
– Klaus 47166 Im Weidekamp 76
– Karl 47169 Am Kreyenbergshof 58
– Tanja 47167 Wittenberger- 106
– Uwe 47167 Wittenberger- 47
Neuschwander Gerhard
47178 Franz-Lenze-Platz 60
– Eduard 47179 Theodor-Heuss- 221
– Heidemarie
47179 Theodor-Heuss- 221
– Jürgen 47179 Schiller- 2a
– Jutta 47179 Schiller- 2a
– Karl 47179 Theodor-Heuss- 221
Neuschwitz Gabriele 47169 Mittel- 14
– Irmgard 47259 Remberger- 22
– Marianne 47169 Mittel- 14
– Monika 47137 Brückel- 40
– Siegfried 47259 Remberger- 22
– Wolfgang 47169 Mittel- 14
Neuse Elisabeth
47053 Düsseldorfer- 292
– Max 47053 Düsseldorfer- 292
– Peter 47053 Düsseldorfer- 292
Neusel Georg 47249 Heiligenbaum- 42
Neusen Cäcilia 47279 Wedauer- 301
– Marianne 47169 Dahlmann- 49
Neuser Elsbeth 47178 Goerdeler- 28
– Gabriele 47179 Dittfeld- 101
– Gabriele 47169 Rathaus- 6
– Josefine 47166 Rathaus- 2
– Karl 47178 Goerdeler- 28
– Karl-Heinz 47179 Ludgerus- 15
Firmen, Gewerbebetriebe usw. nach Namen – siehe gelber Teil	A-DU
